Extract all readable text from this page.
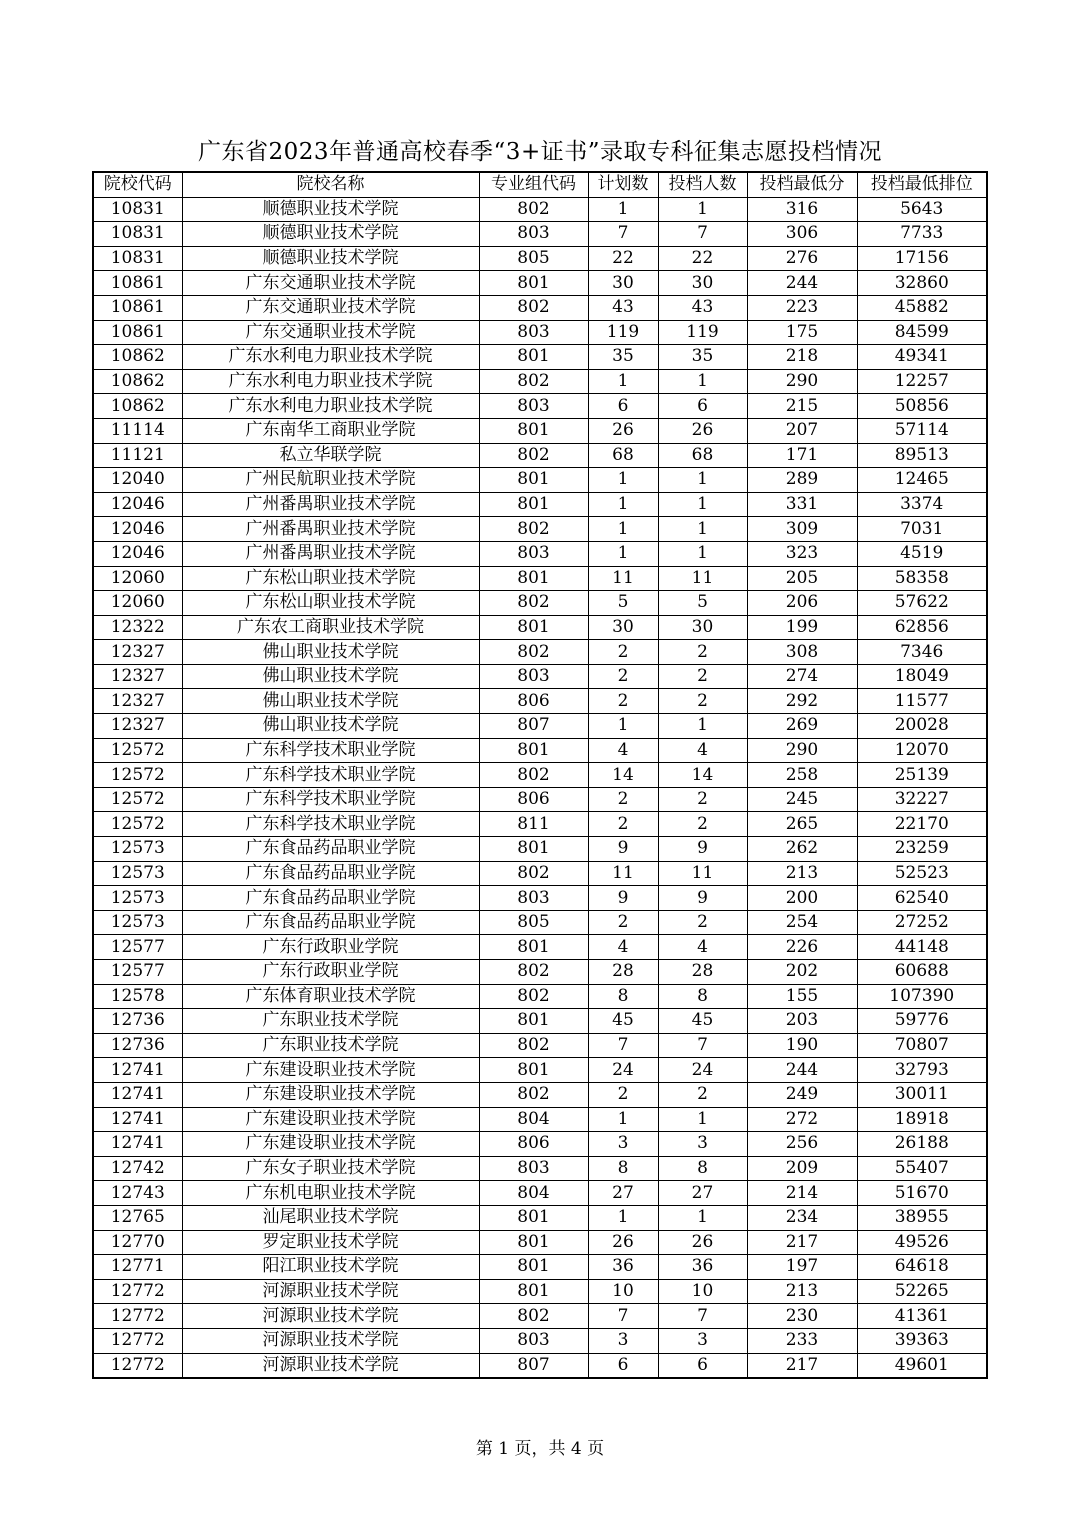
广东省2023年普通高校春季“3+证书”录取专科征集志愿投档情况
院校代码	院校名称	专业组代码	计划数	投档人数	投档最低分	投档最低排位
10831	顺德职业技术学院	802	1	1	316	5643
10831	顺德职业技术学院	803	7	7	306	7733
10831	顺德职业技术学院	805	22	22	276	17156
10861	广东交通职业技术学院	801	30	30	244	32860
10861	广东交通职业技术学院	802	43	43	223	45882
10861	广东交通职业技术学院	803	119	119	175	84599
10862	广东水利电力职业技术学院	801	35	35	218	49341
10862	广东水利电力职业技术学院	802	1	1	290	12257
10862	广东水利电力职业技术学院	803	6	6	215	50856
11114	广东南华工商职业学院	801	26	26	207	57114
11121	私立华联学院	802	68	68	171	89513
12040	广州民航职业技术学院	801	1	1	289	12465
12046	广州番禺职业技术学院	801	1	1	331	3374
12046	广州番禺职业技术学院	802	1	1	309	7031
12046	广州番禺职业技术学院	803	1	1	323	4519
12060	广东松山职业技术学院	801	11	11	205	58358
12060	广东松山职业技术学院	802	5	5	206	57622
12322	广东农工商职业技术学院	801	30	30	199	62856
12327	佛山职业技术学院	802	2	2	308	7346
12327	佛山职业技术学院	803	2	2	274	18049
12327	佛山职业技术学院	806	2	2	292	11577
12327	佛山职业技术学院	807	1	1	269	20028
12572	广东科学技术职业学院	801	4	4	290	12070
12572	广东科学技术职业学院	802	14	14	258	25139
12572	广东科学技术职业学院	806	2	2	245	32227
12572	广东科学技术职业学院	811	2	2	265	22170
12573	广东食品药品职业学院	801	9	9	262	23259
12573	广东食品药品职业学院	802	11	11	213	52523
12573	广东食品药品职业学院	803	9	9	200	62540
12573	广东食品药品职业学院	805	2	2	254	27252
12577	广东行政职业学院	801	4	4	226	44148
12577	广东行政职业学院	802	28	28	202	60688
12578	广东体育职业技术学院	802	8	8	155	107390
12736	广东职业技术学院	801	45	45	203	59776
12736	广东职业技术学院	802	7	7	190	70807
12741	广东建设职业技术学院	801	24	24	244	32793
12741	广东建设职业技术学院	802	2	2	249	30011
12741	广东建设职业技术学院	804	1	1	272	18918
12741	广东建设职业技术学院	806	3	3	256	26188
12742	广东女子职业技术学院	803	8	8	209	55407
12743	广东机电职业技术学院	804	27	27	214	51670
12765	汕尾职业技术学院	801	1	1	234	38955
12770	罗定职业技术学院	801	26	26	217	49526
12771	阳江职业技术学院	801	36	36	197	64618
12772	河源职业技术学院	801	10	10	213	52265
12772	河源职业技术学院	802	7	7	230	41361
12772	河源职业技术学院	803	3	3	233	39363
12772	河源职业技术学院	807	6	6	217	49601
第 1 页，共 4 页
